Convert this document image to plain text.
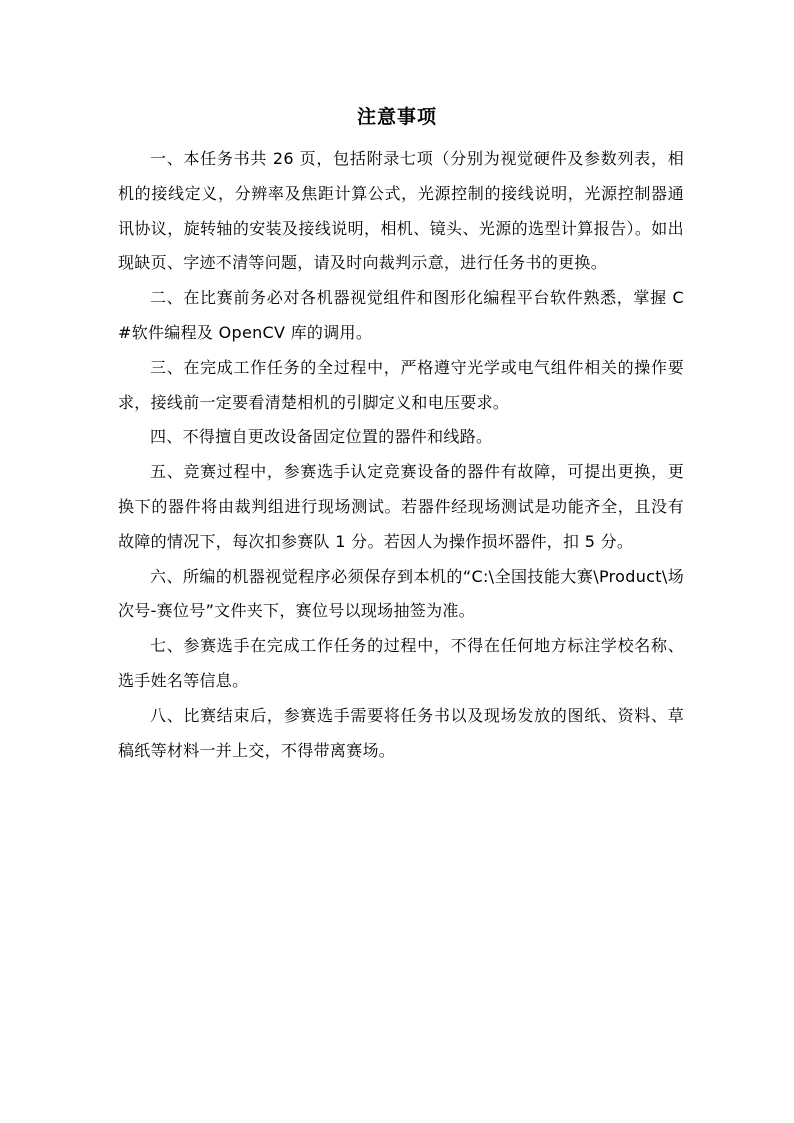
注意事项

一、本任务书共 26 页，包括附录七项（分别为视觉硬件及参数列表，相机的接线定义，分辨率及焦距计算公式，光源控制的接线说明，光源控制器通讯协议，旋转轴的安装及接线说明，相机、镜头、光源的选型计算报告）。如出现缺页、字迹不清等问题，请及时向裁判示意，进行任务书的更换。

二、在比赛前务必对各机器视觉组件和图形化编程平台软件熟悉，掌握 C#软件编程及 OpenCV 库的调用。

三、在完成工作任务的全过程中，严格遵守光学或电气组件相关的操作要求，接线前一定要看清楚相机的引脚定义和电压要求。

四、不得擅自更改设备固定位置的器件和线路。

五、竞赛过程中，参赛选手认定竞赛设备的器件有故障，可提出更换，更换下的器件将由裁判组进行现场测试。若器件经现场测试是功能齐全，且没有故障的情况下，每次扣参赛队 1 分。若因人为操作损坏器件，扣 5 分。

六、所编的机器视觉程序必须保存到本机的“C:\全国技能大赛\Product\场次号-赛位号”文件夹下，赛位号以现场抽签为准。

七、参赛选手在完成工作任务的过程中，不得在任何地方标注学校名称、选手姓名等信息。

八、比赛结束后，参赛选手需要将任务书以及现场发放的图纸、资料、草稿纸等材料一并上交，不得带离赛场。
